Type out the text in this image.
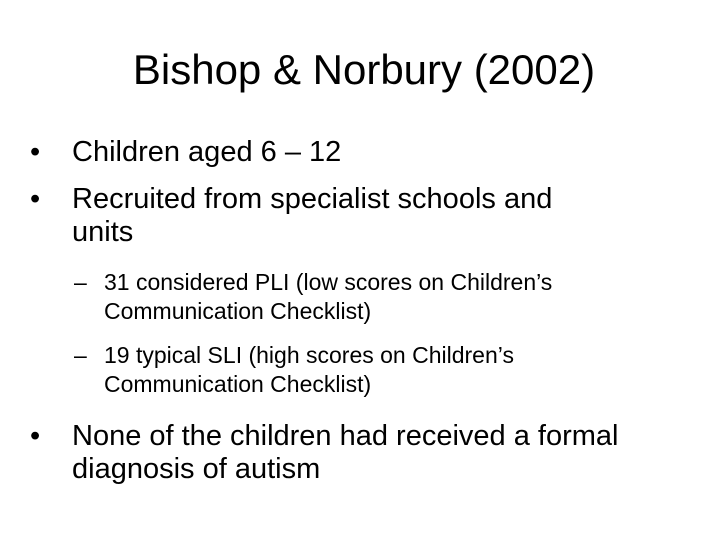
Bishop & Norbury (2002)
• Children aged 6 – 12
• Recruited from specialist schools and
units
– 31 considered PLI (low scores on Children’s
Communication Checklist)
– 19 typical SLI (high scores on Children’s
Communication Checklist)
• None of the children had received a formal
diagnosis of autism
